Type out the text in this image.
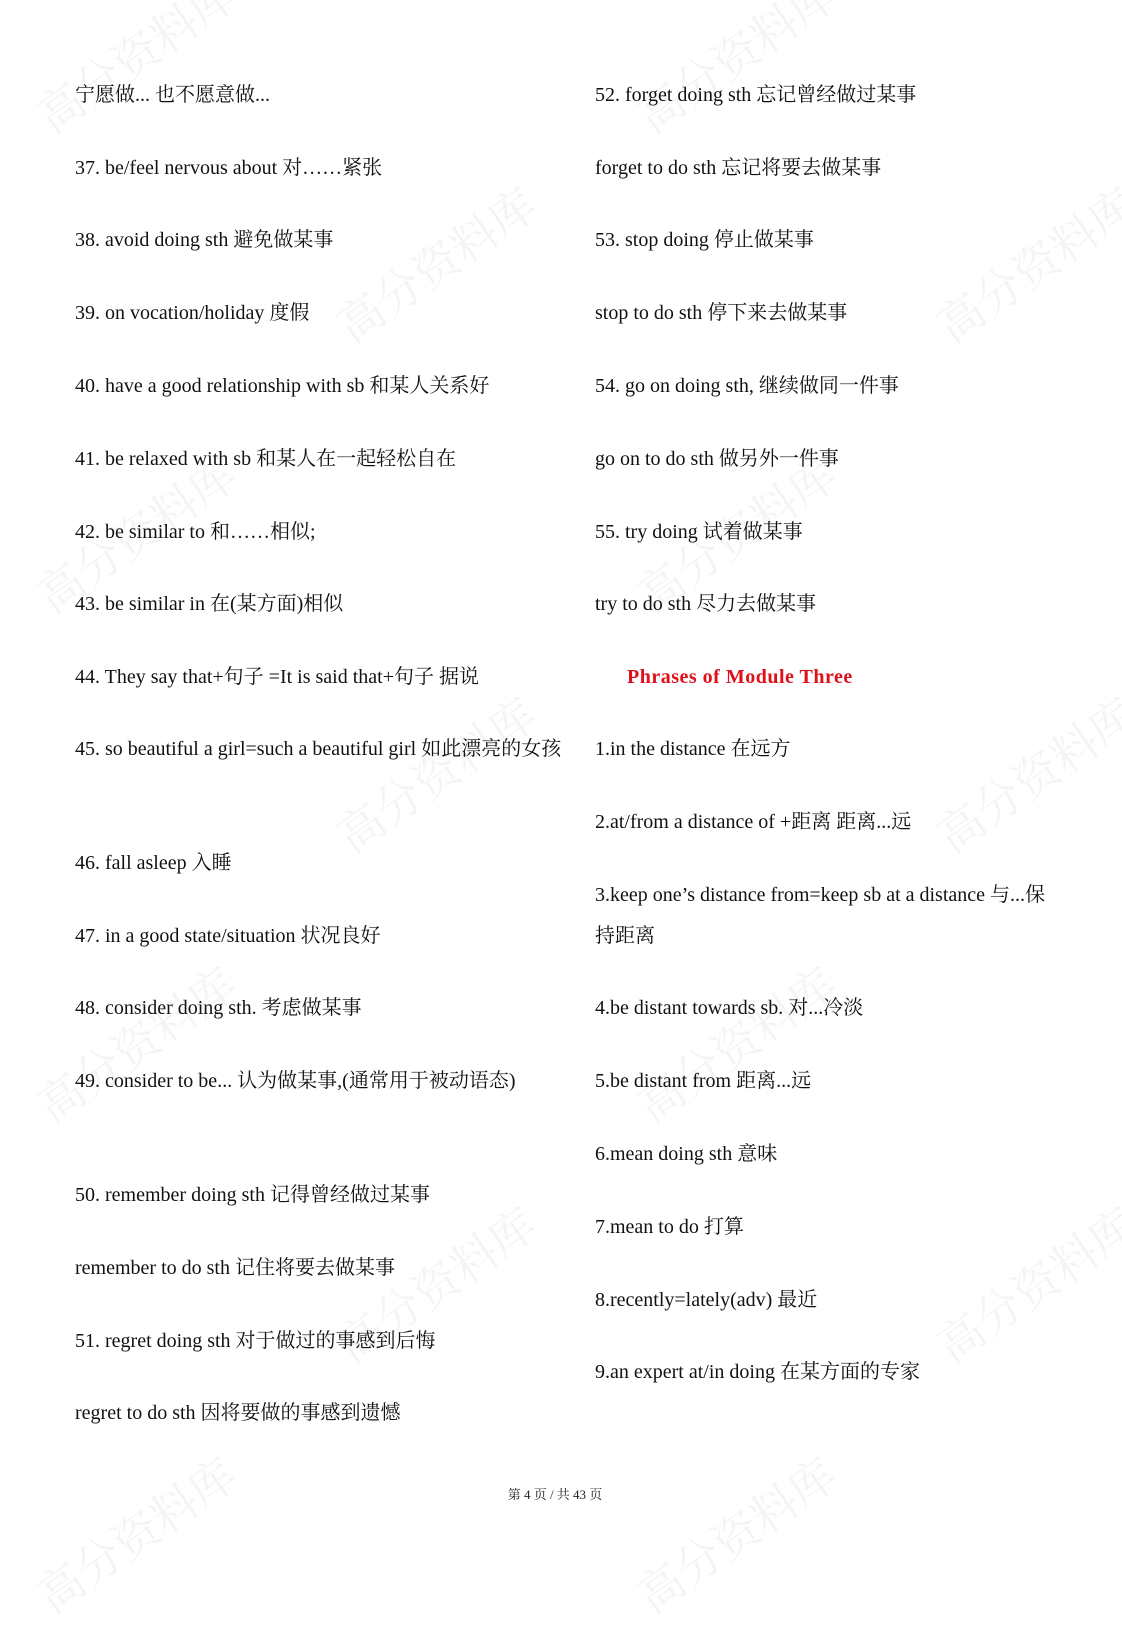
宁愿做... 也不愿意做...
37. be/feel nervous about 对……紧张
38. avoid doing sth 避免做某事
39. on vocation/holiday 度假
40. have a good relationship with sb 和某人关系好
41. be relaxed with sb 和某人在一起轻松自在
42. be similar to 和……相似;
43. be similar in 在(某方面)相似
44. They say that+句子 =It is said that+句子 据说
45. so beautiful a girl=such a beautiful girl 如此漂亮的女孩
46. fall asleep 入睡
47. in a good state/situation 状况良好
48. consider doing sth. 考虑做某事
49. consider to be... 认为做某事,(通常用于被动语态)
50. remember doing sth 记得曾经做过某事
remember to do sth 记住将要去做某事
51. regret doing sth 对于做过的事感到后悔
regret to do sth 因将要做的事感到遗憾
52. forget doing sth 忘记曾经做过某事
forget to do sth 忘记将要去做某事
53. stop doing 停止做某事
stop to do sth 停下来去做某事
54. go on doing sth, 继续做同一件事
go on to do sth 做另外一件事
55. try doing 试着做某事
try to do sth 尽力去做某事
Phrases of Module Three
1.in the distance 在远方
2.at/from a distance of +距离 距离...远
3.keep one’s distance from=keep sb at a distance 与...保持距离
4.be distant towards sb. 对...冷淡
5.be distant from 距离...远
6.mean doing sth 意味
7.mean to do 打算
8.recently=lately(adv) 最近
9.an expert at/in doing 在某方面的专家
第 4 页 / 共 43 页
